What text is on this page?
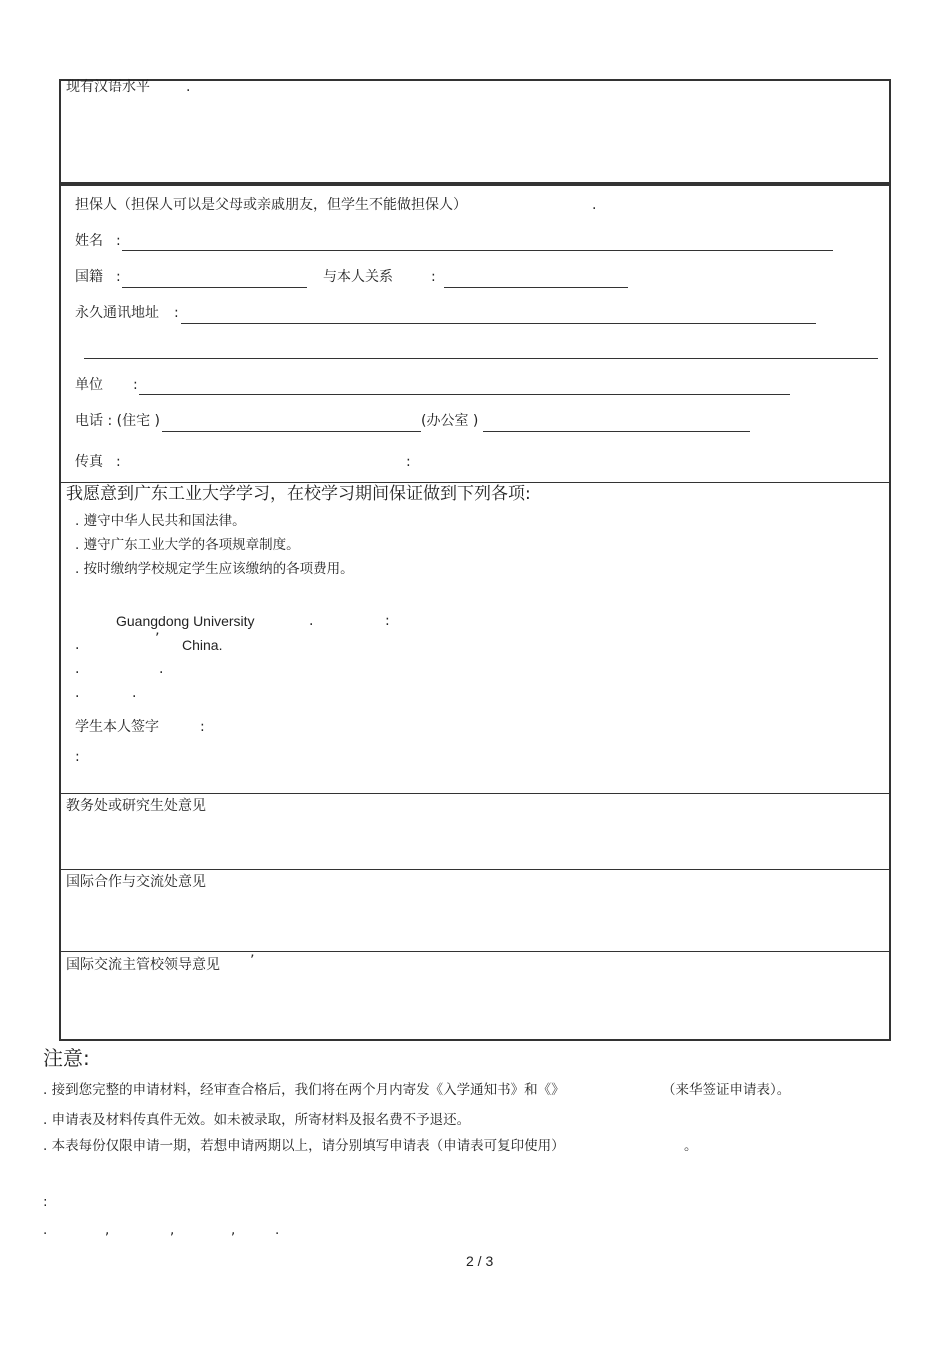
现有汉语水平	.
担保人（担保人可以是父母或亲戚朋友，但学生不能做担保人）	.
姓名 :
国籍 :	与本人关系	:
永久通讯地址 :
单位 :
电话 : (住宅 )	(办公室 )
传真 :	:
我愿意到广东工业大学学习，在校学习期间保证做到下列各项:
. 遵守中华人民共和国法律。
. 遵守广东工业大学的各项规章制度。
. 按时缴纳学校规定学生应该缴纳的各项费用。
Guangdong University	.	:
.	’ China.
.	.
.	.
学生本人签字	:
:
教务处或研究生处意见
国际合作与交流处意见
国际交流主管校领导意见 ’
注意:
. 接到您完整的申请材料，经审查合格后，我们将在两个月内寄发《入学通知书》和《》	（来华签证申请表）。
. 申请表及材料传真件无效。如未被录取，所寄材料及报名费不予退还。
. 本表每份仅限申请一期，若想申请两期以上，请分别填写申请表（申请表可复印使用）	。
:
.	,	,	,	.
2 / 3
